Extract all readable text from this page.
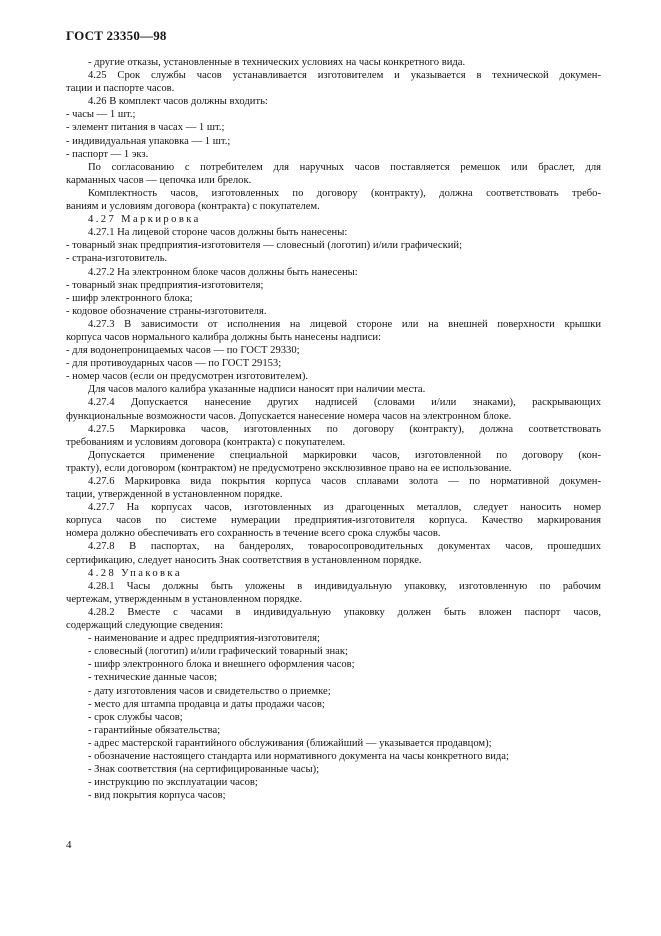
ГОСТ 23350—98
- другие отказы, установленные в технических условиях на часы конкретного вида.
4.25 Срок службы часов устанавливается изготовителем и указывается в технической докумен-
тации и паспорте часов.
4.26 В комплект часов должны входить:
- часы — 1 шт.;
- элемент питания в часах — 1 шт.;
- индивидуальная упаковка — 1 шт.;
- паспорт — 1 экз.
По согласованию с потребителем для наручных часов поставляется ремешок или браслет, для
карманных часов — цепочка или брелок.
Комплектность часов, изготовленных по договору (контракту), должна соответствовать требо-
ваниям и условиям договора (контракта) с покупателем.
4.27 Маркировка
4.27.1 На лицевой стороне часов должны быть нанесены:
- товарный знак предприятия-изготовителя — словесный (логотип) и/или графический;
- страна-изготовитель.
4.27.2 На электронном блоке часов должны быть нанесены:
- товарный знак предприятия-изготовителя;
- шифр электронного блока;
- кодовое обозначение страны-изготовителя.
4.27.3 В зависимости от исполнения на лицевой стороне или на внешней поверхности крышки
корпуса часов нормального калибра должны быть нанесены надписи:
- для водонепроницаемых часов — по ГОСТ 29330;
- для противоударных часов — по ГОСТ 29153;
- номер часов (если он предусмотрен изготовителем).
Для часов малого калибра указанные надписи наносят при наличии места.
4.27.4 Допускается нанесение других надписей (словами и/или знаками), раскрывающих
функциональные возможности часов. Допускается нанесение номера часов на электронном блоке.
4.27.5 Маркировка часов, изготовленных по договору (контракту), должна соответствовать
требованиям и условиям договора (контракта) с покупателем.
Допускается применение специальной маркировки часов, изготовленной по договору (кон-
тракту), если договором (контрактом) не предусмотрено эксклюзивное право на ее использование.
4.27.6 Маркировка вида покрытия корпуса часов сплавами золота — по нормативной докумен-
тации, утвержденной в установленном порядке.
4.27.7 На корпусах часов, изготовленных из драгоценных металлов, следует наносить номер
корпуса часов по системе нумерации предприятия-изготовителя корпуса. Качество маркирования
номера должно обеспечивать его сохранность в течение всего срока службы часов.
4.27.8 В паспортах, на бандеролях, товаросопроводительных документах часов, прошедших
сертификацию, следует наносить Знак соответствия в установленном порядке.
4.28 Упаковка
4.28.1 Часы должны быть уложены в индивидуальную упаковку, изготовленную по рабочим
чертежам, утвержденным в установленном порядке.
4.28.2 Вместе с часами в индивидуальную упаковку должен быть вложен паспорт часов,
содержащий следующие сведения:
- наименование и адрес предприятия-изготовителя;
- словесный (логотип) и/или графический товарный знак;
- шифр электронного блока и внешнего оформления часов;
- технические данные часов;
- дату изготовления часов и свидетельство о приемке;
- место для штампа продавца и даты продажи часов;
- срок службы часов;
- гарантийные обязательства;
- адрес мастерской гарантийного обслуживания (ближайший — указывается продавцом);
- обозначение настоящего стандарта или нормативного документа на часы конкретного вида;
- Знак соответствия (на сертифицированные часы);
- инструкцию по эксплуатации часов;
- вид покрытия корпуса часов;
4
